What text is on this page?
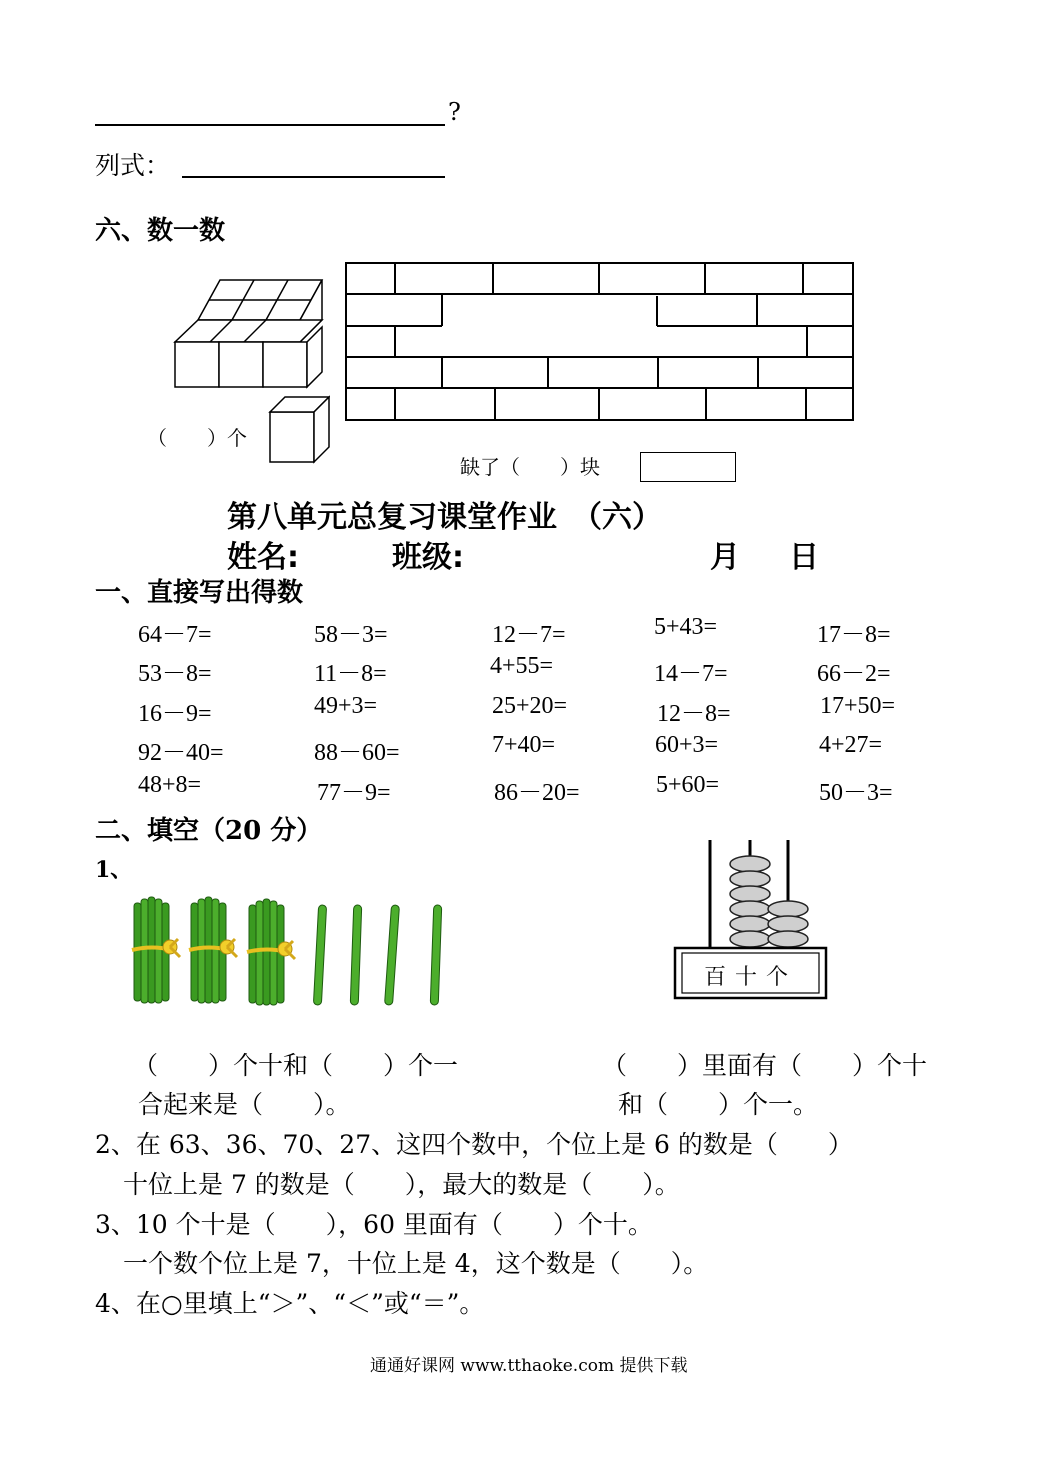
?
列式：
六、数一数
（　　）个
缺了（　　）块
第八单元总复习课堂作业　（六）
姓名:	班级:	月 日
一、直接写出得数
64－7=	58－3=	12－7=	5+43=	17－8=
53－8=	11－8=	4+55=	14－7=	66－2=
16－9=	49+3=	25+20=	12－8=	17+50=
92－40=	88－60=	7+40=	60+3=	4+27=
48+8=	77－9=	86－20=	5+60=	50－3=
二、填空（20 分）
1、
百 十 个
（　　）个十和（　　）个一
合起来是（　　）。
（　　）里面有（　　）个十
和（　　）个一。
2、在 63、36、70、27、这四个数中，个位上是 6 的数是（　　）
十位上是 7 的数是（　　），最大的数是（　　）。
3、10 个十是（　　），60 里面有（　　）个十。
一个数个位上是 7，十位上是 4，这个数是（　　）。
4、在○里填上“＞”、“＜”或“＝”。
通通好课网 www.tthaoke.com 提供下载
